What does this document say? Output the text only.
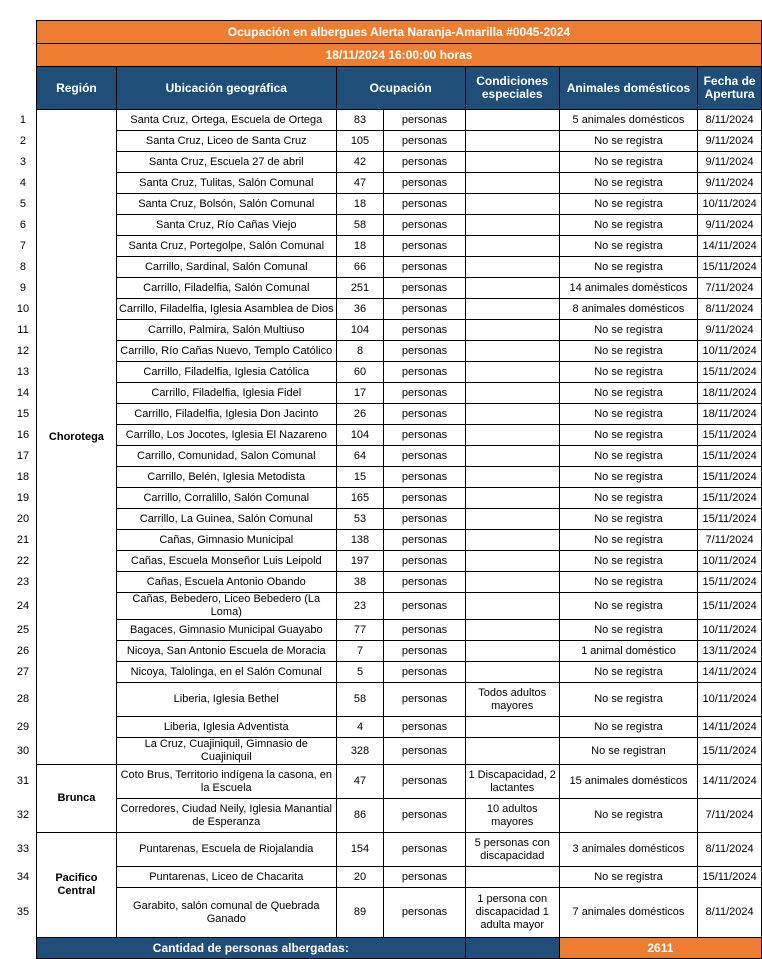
	Ocupación en albergues Alerta Naranja-Amarilla #0045-2024						
	18/11/2024 16:00:00 horas						
	Región	Ubicación geográfica	Ocupación		Condiciones especiales	Animales domésticos	Fecha de Apertura
1	Chorotega	Santa Cruz, Ortega, Escuela de Ortega	83	personas		5 animales domésticos	8/11/2024
2		Santa Cruz, Liceo de Santa Cruz	105	personas		No se registra	9/11/2024
3		Santa Cruz, Escuela 27 de abril	42	personas		No se registra	9/11/2024
4		Santa Cruz, Tulitas, Salón Comunal	47	personas		No se registra	9/11/2024
5		Santa Cruz, Bolsón, Salón Comunal	18	personas		No se registra	10/11/2024
6		Santa Cruz, Río Cañas Viejo	58	personas		No se registra	9/11/2024
7		Santa Cruz, Portegolpe, Salón Comunal	18	personas		No se registra	14/11/2024
8		Carrillo, Sardinal, Salón Comunal	66	personas		No se registra	15/11/2024
9		Carrillo, Filadelfia, Salón Comunal	251	personas		14 animales domésticos	7/11/2024
10		Carrillo, Filadelfia, Iglesia Asamblea de Dios	36	personas		8 animales domésticos	8/11/2024
11		Carrillo, Palmira, Salón Multiuso	104	personas		No se registra	9/11/2024
12		Carrillo, Río Cañas Nuevo, Templo Católico	8	personas		No se registra	10/11/2024
13		Carrillo, Filadelfia, Iglesia Católica	60	personas		No se registra	15/11/2024
14		Carrillo, Filadelfia, Iglesia Fidel	17	personas		No se registra	18/11/2024
15		Carrillo, Filadelfia, Iglesia Don Jacinto	26	personas		No se registra	18/11/2024
16		Carrillo, Los Jocotes, Iglesia El Nazareno	104	personas		No se registra	15/11/2024
17		Carrillo, Comunidad, Salon Comunal	64	personas		No se registra	15/11/2024
18		Carrillo, Belén, Iglesia Metodista	15	personas		No se registra	15/11/2024
19		Carrillo, Corralillo, Salón Comunal	165	personas		No se registra	15/11/2024
20		Carrillo, La Guinea, Salón Comunal	53	personas		No se registra	15/11/2024
21		Cañas, Gimnasio Municipal	138	personas		No se registra	7/11/2024
22		Cañas, Escuela Monseñor Luis Leipold	197	personas		No se registra	10/11/2024
23		Cañas, Escuela Antonio Obando	38	personas		No se registra	15/11/2024
24		Cañas, Bebedero, Liceo Bebedero (La Loma)	23	personas		No se registra	15/11/2024
25		Bagaces, Gimnasio Municipal Guayabo	77	personas		No se registra	10/11/2024
26		Nicoya, San Antonio Escuela de Moracia	7	personas		1 animal doméstico	13/11/2024
27		Nicoya, Talolinga, en el Salón Comunal	5	personas		No se registra	14/11/2024
28		Liberia, Iglesia Bethel	58	personas	Todos adultos mayores	No se registra	10/11/2024
29		Liberia, Iglesia Adventista	4	personas		No se registra	14/11/2024
30		La Cruz, Cuajiniquil, Gimnasio de Cuajiniquil	328	personas		No se registran	15/11/2024
31	Brunca	Coto Brus, Territorio indígena la casona, en la Escuela	47	personas	1 Discapacidad, 2 lactantes	15 animales domésticos	14/11/2024
32		Corredores, Ciudad Neily, Iglesia Manantial de Esperanza	86	personas	10 adultos mayores	No se registra	7/11/2024
33	Pacifico Central	Puntarenas, Escuela de Riojalandia	154	personas	5 personas con discapacidad	3 animales domésticos	8/11/2024
34		Puntarenas, Liceo de Chacarita	20	personas		No se registra	15/11/2024
35		Garabito, salón comunal de Quebrada Ganado	89	personas	1 persona con discapacidad 1 adulta mayor	7 animales domésticos	8/11/2024
	Cantidad de personas albergadas:					2611	
